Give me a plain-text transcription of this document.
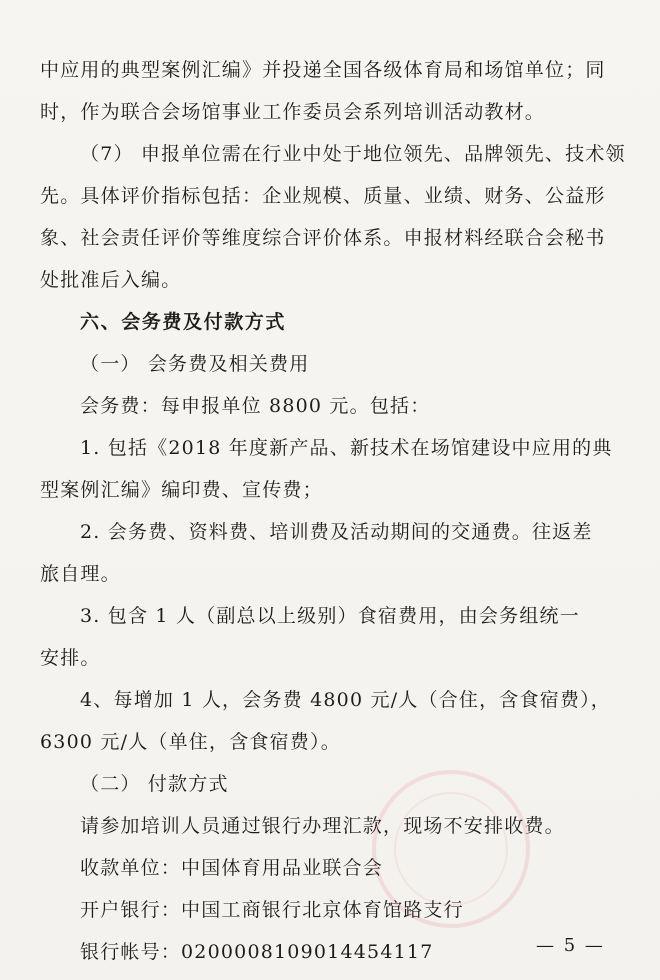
中应用的典型案例汇编》并投递全国各级体育局和场馆单位；同
时，作为联合会场馆事业工作委员会系列培训活动教材。
（7） 申报单位需在行业中处于地位领先、品牌领先、技术领
先。具体评价指标包括：企业规模、质量、业绩、财务、公益形
象、社会责任评价等维度综合评价体系。申报材料经联合会秘书
处批准后入编。
六、会务费及付款方式
（一） 会务费及相关费用
会务费：每申报单位 8800 元。包括：
1. 包括《2018 年度新产品、新技术在场馆建设中应用的典
型案例汇编》编印费、宣传费；
2. 会务费、资料费、培训费及活动期间的交通费。往返差
旅自理。
3. 包含 1 人（副总以上级别）食宿费用，由会务组统一
安排。
4、每增加 1 人，会务费 4800 元/人（合住，含食宿费），
6300 元/人（单住，含食宿费）。
（二） 付款方式
请参加培训人员通过银行办理汇款，现场不安排收费。
收款单位：中国体育用品业联合会
开户银行：中国工商银行北京体育馆路支行
银行帐号：0200008109014454117	— 5 —
